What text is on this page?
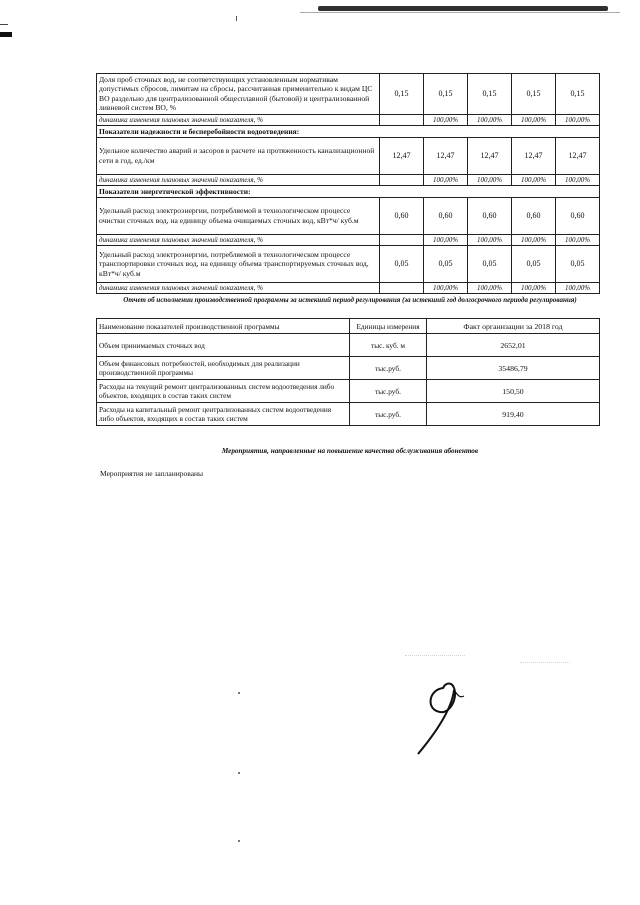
Доля проб сточных вод, не соответствующих установленным нормативам допустимых сбросов, лимитам на сбросы, рассчитанная применительно к видам ЦС ВО раздельно для централизованной общесплавной (бытовой) и централизованной ливневой систем ВО, %	0,15	0,15	0,15	0,15	0,15
динамика изменения плановых значений показателя, %		100,00%	100,00%	100,00%	100,00%
Показатели надежности и бесперебойности водоотведения:					
Удельное количество аварий и засоров в расчете на протяженность канализационной сети в год, ед./км	12,47	12,47	12,47	12,47	12,47
динамика изменения плановых значений показателя, %		100,00%	100,00%	100,00%	100,00%
Показатели энергетической эффективности:					
Удельный расход электроэнергии, потребляемой в технологическом процессе очистки сточных вод, на единицу объема очищаемых сточных вод, кВт*ч/ куб.м	0,60	0,60	0,60	0,60	0,60
динамика изменения плановых значений показателя, %		100,00%	100,00%	100,00%	100,00%
Удельный расход электроэнергии, потребляемой в технологическом процессе транспортировки сточных вод, на единицу объема транспортируемых сточных вод, кВт*ч/ куб.м	0,05	0,05	0,05	0,05	0,05
динамика изменения плановых значений показателя, %		100,00%	100,00%	100,00%	100,00%
Отчет об исполнении производственной программы за истекший период регулирования (за истекший год долгосрочного периода регулирования)
Наименование показателей производственной программы	Единицы измерения	Факт организации за 2018 год
Объем принимаемых сточных вод	тыс. куб. м	2652,01
Объем финансовых потребностей, необходимых для реализации производственной программы	тыс.руб.	35486,79
Расходы на текущий ремонт централизованных систем водоотведения либо объектов, входящих в состав таких систем	тыс.руб.	150,50
Расходы на капитальный ремонт централизованных систем водоотведения либо объектов, входящих в состав таких систем	тыс.руб.	919,40
Мероприятия, направленные на повышение качества обслуживания абонентов
Мероприятия не запланированы
